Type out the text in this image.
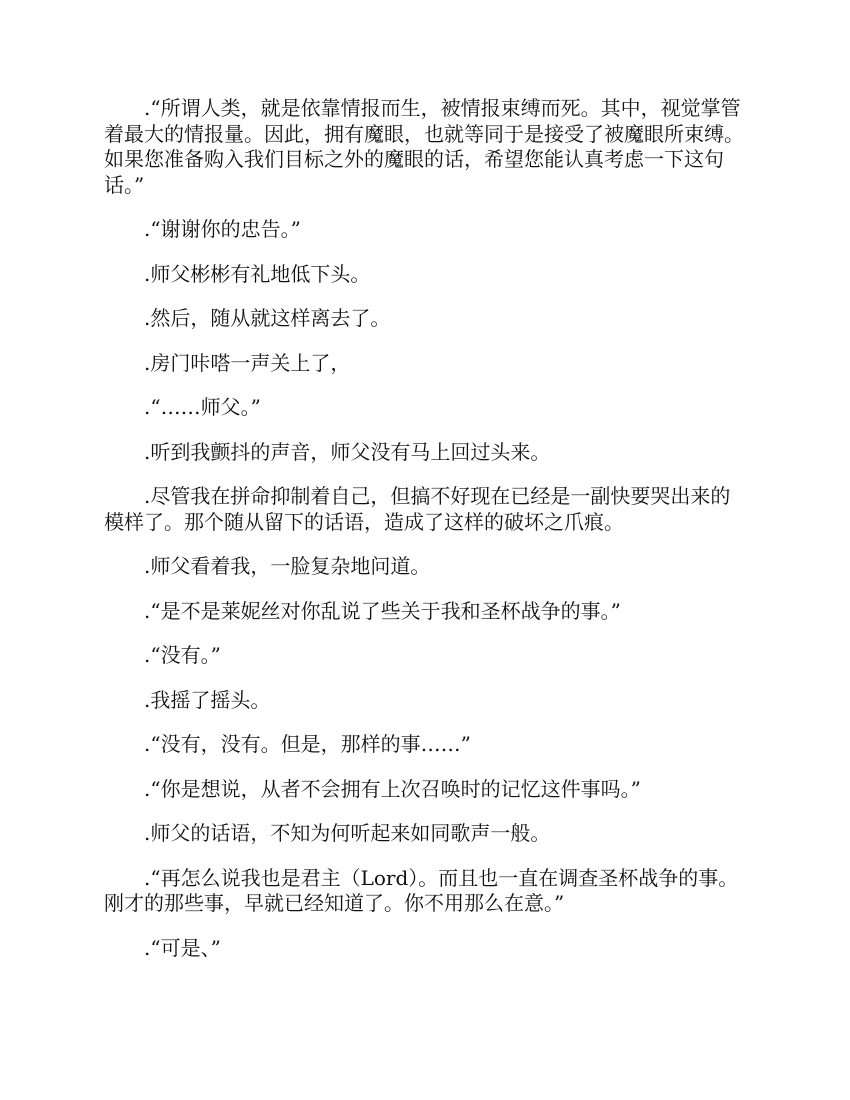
.“所谓人类，就是依靠情报而生，被情报束缚而死。其中，视觉掌管着最大的情报量。因此，拥有魔眼，也就等同于是接受了被魔眼所束缚。如果您准备购入我们目标之外的魔眼的话，希望您能认真考虑一下这句话。”

.“谢谢你的忠告。”

.师父彬彬有礼地低下头。

.然后，随从就这样离去了。

.房门咔嗒一声关上了，

.“……师父。”

.听到我颤抖的声音，师父没有马上回过头来。

.尽管我在拼命抑制着自己，但搞不好现在已经是一副快要哭出来的模样了。那个随从留下的话语，造成了这样的破坏之爪痕。

.师父看着我，一脸复杂地问道。

.“是不是莱妮丝对你乱说了些关于我和圣杯战争的事。”

.“没有。”

.我摇了摇头。

.“没有，没有。但是，那样的事……”

.“你是想说，从者不会拥有上次召唤时的记忆这件事吗。”

.师父的话语，不知为何听起来如同歌声一般。

.“再怎么说我也是君主（Lord）。而且也一直在调查圣杯战争的事。刚才的那些事，早就已经知道了。你不用那么在意。”

.“可是、”
